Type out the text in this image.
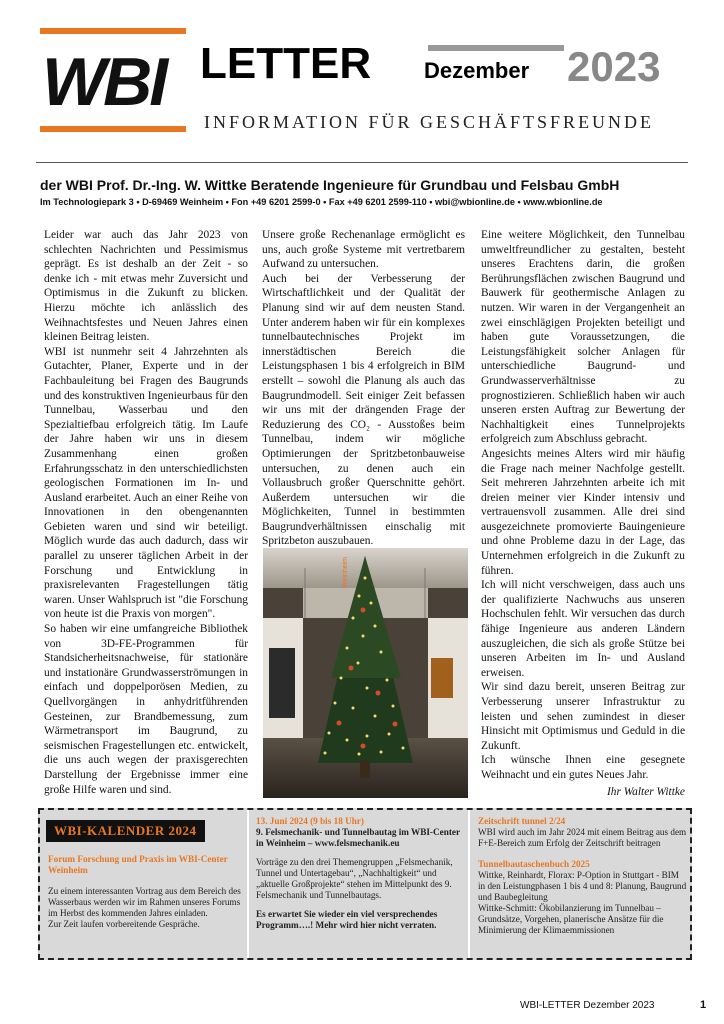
WBI LETTER Dezember 2023
INFORMATION FÜR GESCHÄFTSFREUNDE
der WBI Prof. Dr.-Ing. W. Wittke Beratende Ingenieure für Grundbau und Felsbau GmbH
Im Technologiepark 3 • D-69469 Weinheim • Fon +49 6201 2599-0 • Fax +49 6201 2599-110 • wbi@wbionline.de • www.wbionline.de

Leider war auch das Jahr 2023 von schlechten Nachrichten und Pessimismus geprägt. Es ist deshalb an der Zeit - so denke ich - mit etwas mehr Zuversicht und Optimismus in die Zukunft zu blicken. Hierzu möchte ich anlässlich des Weihnachtsfestes und Neuen Jahres einen kleinen Beitrag leisten.

WBI ist nunmehr seit 4 Jahrzehnten als Gutachter, Planer, Experte und in der Fachbauleitung bei Fragen des Baugrunds und des konstruktiven Ingenieurbaus für den Tunnelbau, Wasserbau und den Spezialtiefbau erfolgreich tätig. Im Laufe der Jahre haben wir uns in diesem Zusammenhang einen großen Erfahrungsschatz in den unterschiedlichsten geologischen Formationen im In- und Ausland erarbeitet. Auch an einer Reihe von Innovationen in den obengenannten Gebieten waren und sind wir beteiligt. Möglich wurde das auch dadurch, dass wir parallel zu unserer täglichen Arbeit in der Forschung und Entwicklung in praxisrelevanten Fragestellungen tätig waren. Unser Wahlspruch ist "die Forschung von heute ist die Praxis von morgen".

So haben wir eine umfangreiche Bibliothek von 3D-FE-Programmen für Standsicherheitsnachweise, für stationäre und instationäre Grundwasserströmungen in einfach und doppelporösen Medien, zu Quellvorgängen in anhydritführenden Gesteinen, zur Brandbemessung, zum Wärmetransport im Baugrund, zu seismischen Fragestellungen etc. entwickelt, die uns auch wegen der praxisgerechten Darstellung der Ergebnisse immer eine große Hilfe waren und sind.

Unsere große Rechenanlage ermöglicht es uns, auch große Systeme mit vertretbarem Aufwand zu untersuchen.

Auch bei der Verbesserung der Wirtschaftlichkeit und der Qualität der Planung sind wir auf dem neusten Stand. Unter anderem haben wir für ein komplexes tunnelbautechnisches Projekt im innerstädtischen Bereich die Leistungsphasen 1 bis 4 erfolgreich in BIM erstellt – sowohl die Planung als auch das Baugrundmodell. Seit einiger Zeit befassen wir uns mit der drängenden Frage der Reduzierung des CO₂ - Ausstoßes beim Tunnelbau, indem wir mögliche Optimierungen der Spritzbetonbauweise untersuchen, zu denen auch ein Vollausbruch großer Querschnitte gehört. Außerdem untersuchen wir die Möglichkeiten, Tunnel in bestimmten Baugrundverhältnissen einschalig mit Spritzbeton auszubauen.

Eine weitere Möglichkeit, den Tunnelbau umweltfreundlicher zu gestalten, besteht unseres Erachtens darin, die großen Berührungsflächen zwischen Baugrund und Bauwerk für geothermische Anlagen zu nutzen. Wir waren in der Vergangenheit an zwei einschlägigen Projekten beteiligt und haben gute Voraussetzungen, die Leistungsfähigkeit solcher Anlagen für unterschiedliche Baugrund- und Grundwasserverhältnisse zu prognostizieren. Schließlich haben wir auch unseren ersten Auftrag zur Bewertung der Nachhaltigkeit eines Tunnelprojekts erfolgreich zum Abschluss gebracht.

Angesichts meines Alters wird mir häufig die Frage nach meiner Nachfolge gestellt. Seit mehreren Jahrzehnten arbeite ich mit dreien meiner vier Kinder intensiv und vertrauensvoll zusammen. Alle drei sind ausgezeichnete promovierte Bauingenieure und ohne Probleme dazu in der Lage, das Unternehmen erfolgreich in die Zukunft zu führen.

Ich will nicht verschweigen, dass auch uns der qualifizierte Nachwuchs aus unseren Hochschulen fehlt. Wir versuchen das durch fähige Ingenieure aus anderen Ländern auszugleichen, die sich als große Stütze bei unseren Arbeiten im In- und Ausland erweisen.

Wir sind dazu bereit, unseren Beitrag zur Verbesserung unserer Infrastruktur zu leisten und sehen zumindest in dieser Hinsicht mit Optimismus und Geduld in die Zukunft.

Ich wünsche Ihnen eine gesegnete Weihnacht und ein gutes Neues Jahr.

Ihr Walter Wittke

Weinheim
WBI-KALENDER 2024
Forum Forschung und Praxis im WBI-Center Weinheim
Zu einem interessanten Vortrag aus dem Bereich des Wasserbaus werden wir im Rahmen unseres Forums im Herbst des kommenden Jahres einladen.
Zur Zeit laufen vorbereitende Gespräche.
13. Juni 2024 (9 bis 18 Uhr)
9. Felsmechanik- und Tunnelbautag im WBI-Center in Weinheim – www.felsmechanik.eu
Vorträge zu den drei Themengruppen „Felsmechanik, Tunnel und Untertagebau“, „Nachhaltigkeit“ und „aktuelle Großprojekte“ stehen im Mittelpunkt des 9. Felsmechanik und Tunnelbautags.
Es erwartet Sie wieder ein viel versprechendes Programm….! Mehr wird hier nicht verraten.
Zeitschrift tunnel 2/24
WBI wird auch im Jahr 2024 mit einem Beitrag aus dem F+E-Bereich zum Erfolg der Zeitschrift beitragen
Tunnelbautaschenbuch 2025
Wittke, Reinhardt, Florax: P-Option in Stuttgart - BIM in den Leistungphasen 1 bis 4 und 8: Planung, Baugrund und Baubegleitung
Wittke-Schmitt: Ökobilanzierung im Tunnelbau – Grundsätze, Vorgehen, planerische Ansätze für die Minimierung der Klimaemmissionen
WBI-LETTER Dezember 2023	1
